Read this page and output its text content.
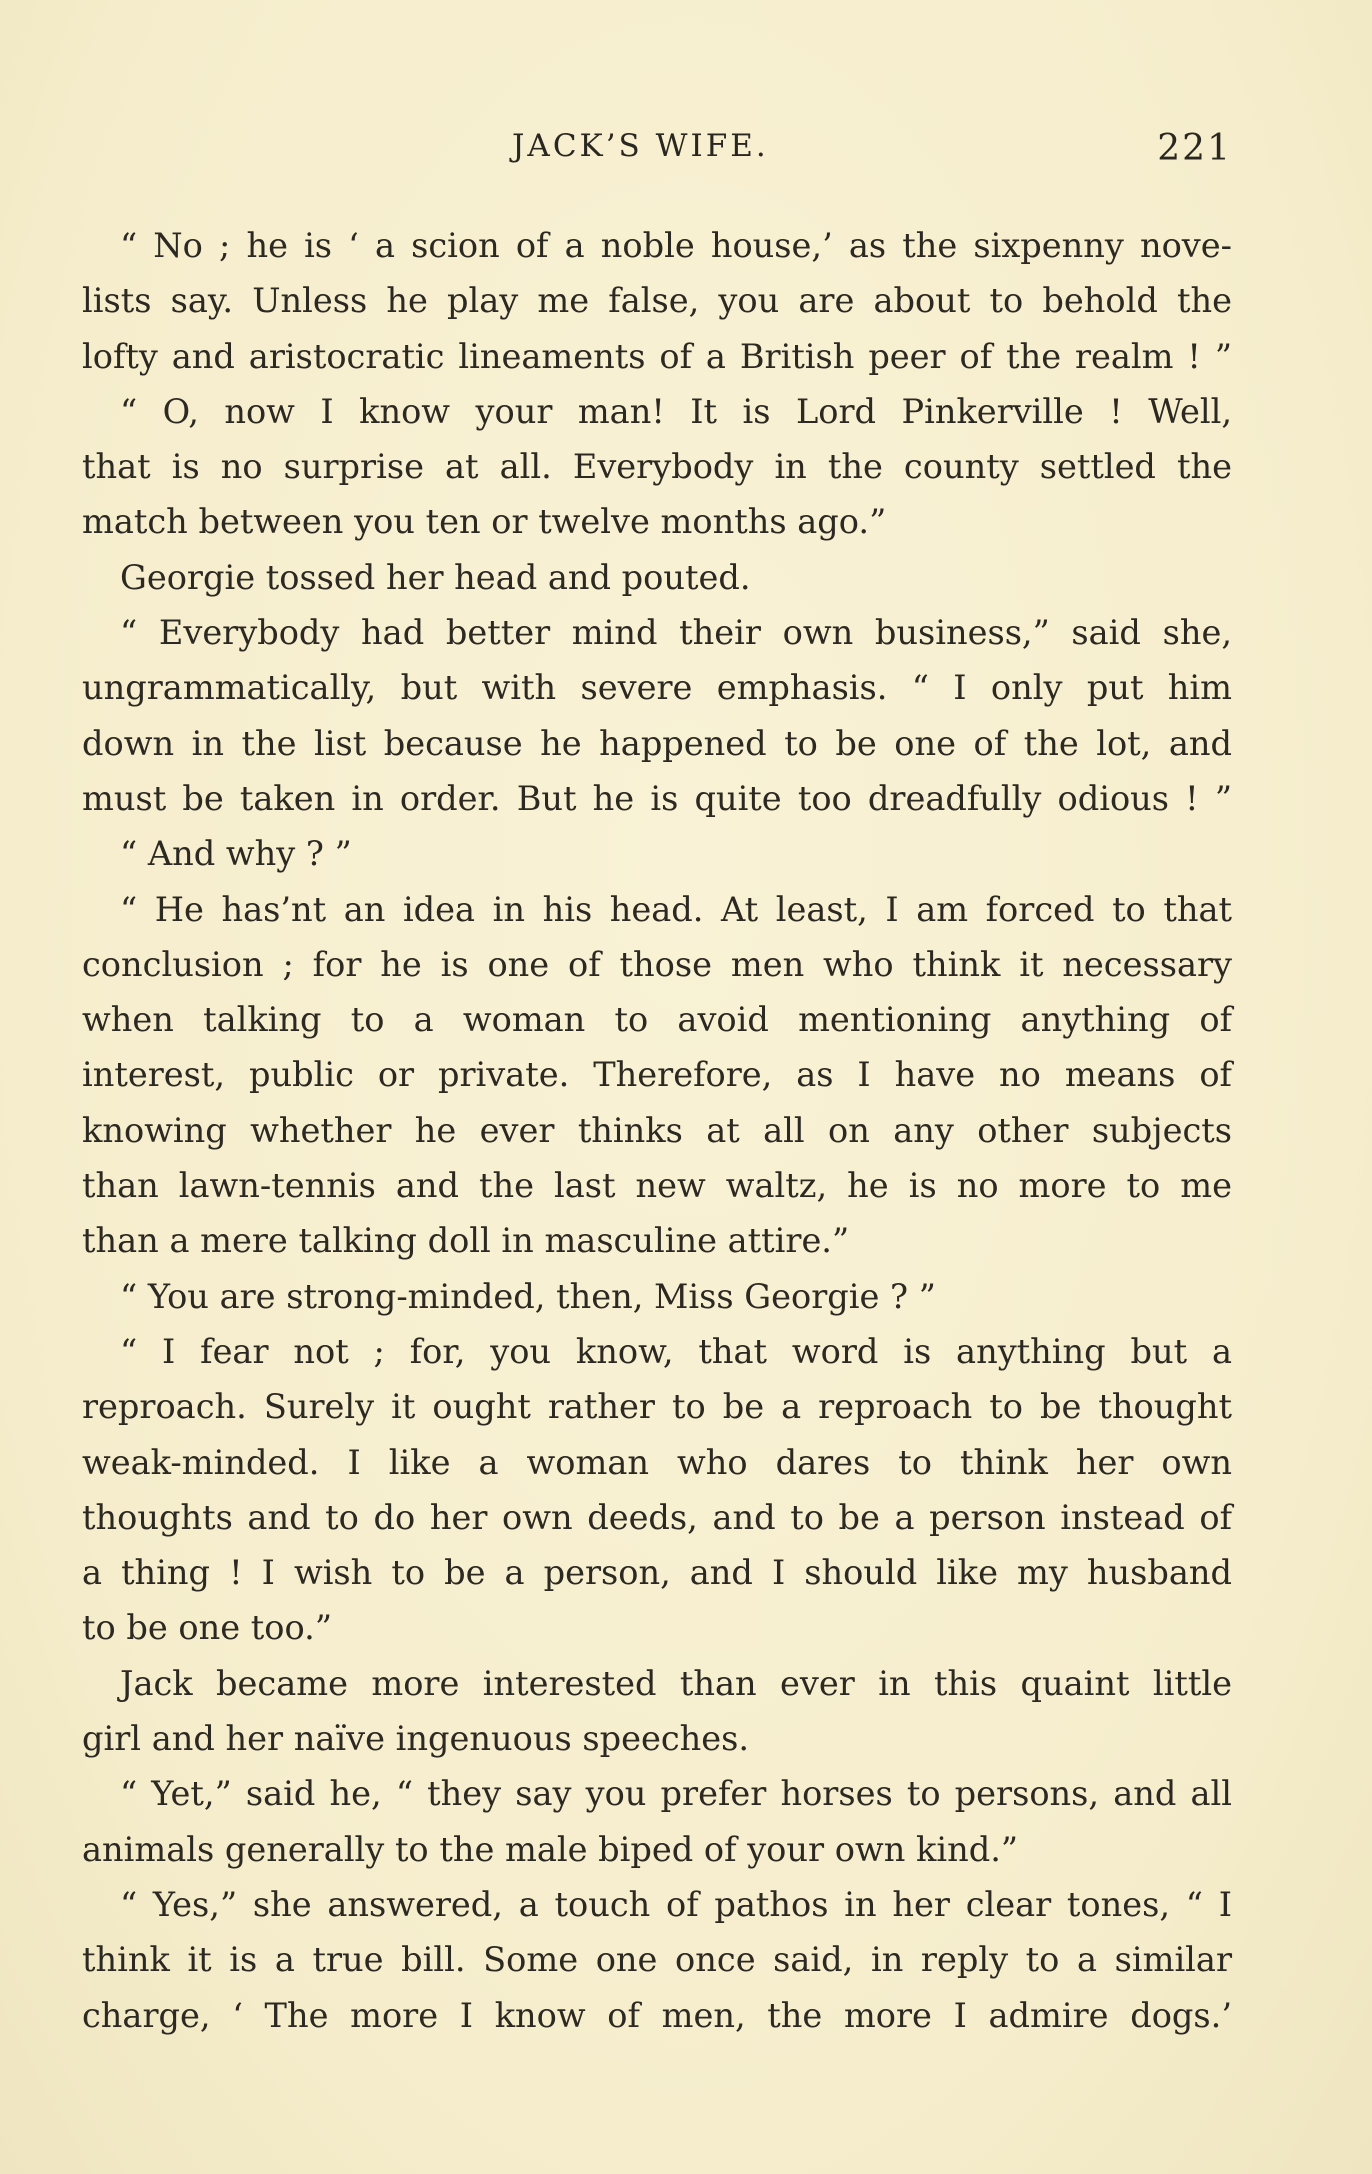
JACK’S WIFE.	221
“ No ; he is ‘ a scion of a noble house,’ as the sixpenny nove-
lists say. Unless he play me false, you are about to behold the
lofty and aristocratic lineaments of a British peer of the realm ! ”
“ O, now I know your man! It is Lord Pinkerville ! Well,
that is no surprise at all. Everybody in the county settled the
match between you ten or twelve months ago.”
Georgie tossed her head and pouted.
“ Everybody had better mind their own business,” said she,
ungrammatically, but with severe emphasis. “ I only put him
down in the list because he happened to be one of the lot, and
must be taken in order. But he is quite too dreadfully odious ! ”
“ And why ? ”
“ He has’nt an idea in his head. At least, I am forced to that
conclusion ; for he is one of those men who think it necessary
when talking to a woman to avoid mentioning anything of
interest, public or private. Therefore, as I have no means of
knowing whether he ever thinks at all on any other subjects
than lawn-tennis and the last new waltz, he is no more to me
than a mere talking doll in masculine attire.”
“ You are strong-minded, then, Miss Georgie ? ”
“ I fear not ; for, you know, that word is anything but a
reproach. Surely it ought rather to be a reproach to be thought
weak-minded. I like a woman who dares to think her own
thoughts and to do her own deeds, and to be a person instead of
a thing ! I wish to be a person, and I should like my husband
to be one too.”
Jack became more interested than ever in this quaint little
girl and her naïve ingenuous speeches.
“ Yet,” said he, “ they say you prefer horses to persons, and all
animals generally to the male biped of your own kind.”
“ Yes,” she answered, a touch of pathos in her clear tones, “ I
think it is a true bill. Some one once said, in reply to a similar
charge, ‘ The more I know of men, the more I admire dogs.’
